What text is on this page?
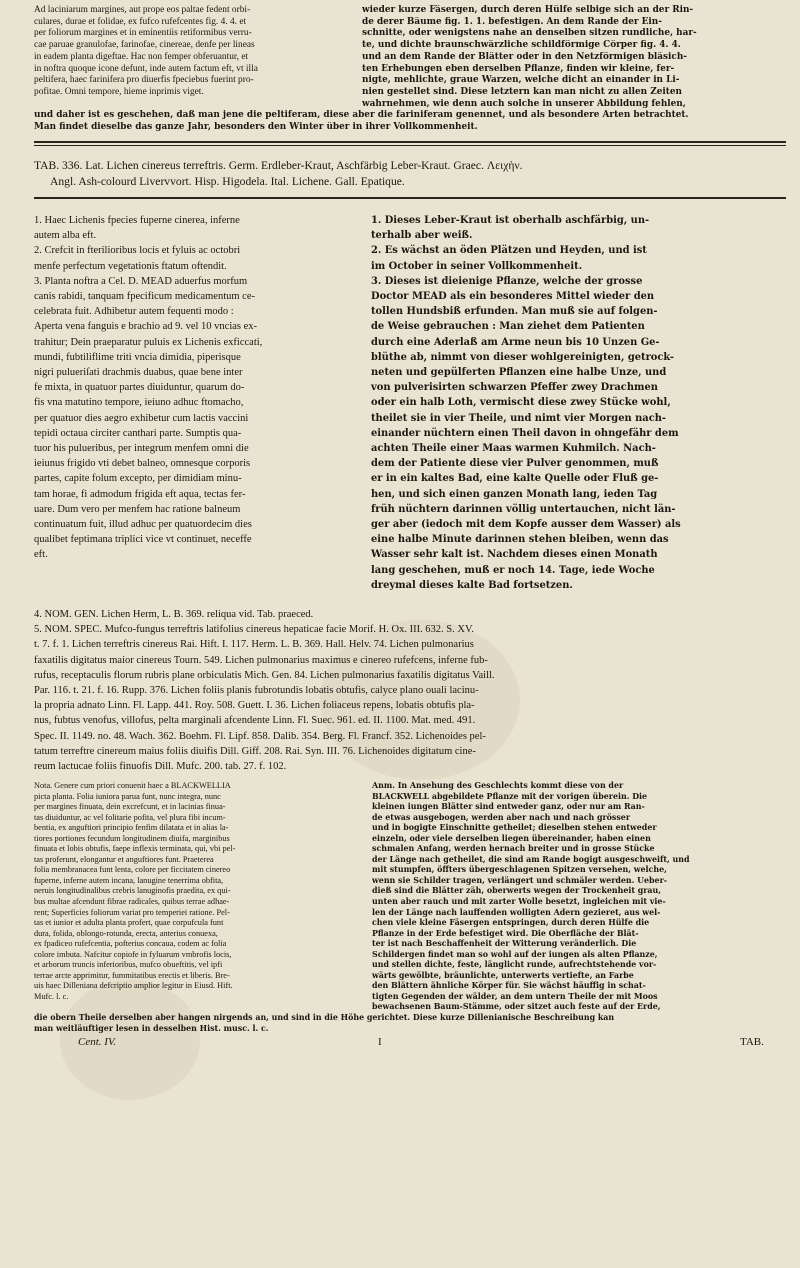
Ad laciniarum margines, aut prope eos paltae fedent orbi-
culares, durae et folidae, ex fufco rufefcentes fig. 4. 4. et
per foliorum margines et in eminentiis retiformibus verru-
cae paruae granulofae, farinofae, cinereae, denfe per lineas
in eadem planta digeftae. Hac non femper obferuantur, et
in noftra quoque icone defunt, inde autem factum eft, vt illa
peltifera, haec farinifera pro diuerfis fpeciebus fuerint pro-
pofitae. Omni tempore, hieme inprimis viget.
wieder kurze Fäsergen, durch deren Hülfe selbige sich an der Rin-
de derer Bäume fig. 1. 1. befestigen. An dem Rande der Ein-
schnitte, oder wenigstens nahe an denselben sitzen rundliche, har-
te, und dichte braunschwärzliche schildförmige Cörper fig. 4. 4.
und an dem Rande der Blätter oder in den Netzförmigen bläsich-
ten Erhebungen eben derselben Pflanze, finden wir kleine, fer-
nigte, mehlichte, graue Warzen, welche dicht an einander in Li-
nien gestellet sind. Diese letztern kan man nicht zu allen Zeiten
wahrnehmen, wie denn auch solche in unserer Abbildung fehlen,
und daher ist es geschehen, daß man jene die peltiferam, diese aber die fariniferam genennet, und als besondere Arten betrachtet.
Man findet dieselbe das ganze Jahr, besonders den Winter über in ihrer Vollkommenheit.
TAB. 336. Lat. Lichen cinereus terreftris. Germ. Erdleber-Kraut, Aschfärbig Leber-Kraut. Graec. Λειχὴν.
Angl. Ash-colourd Livervvort. Hisp. Higodela. Ital. Lichene. Gall. Epatique.
1. Haec Lichenis fpecies fuperne cinerea, inferne
autem alba eft.
2. Crefcit in fterilioribus locis et fyluis ac octobri
menfe perfectum vegetationis ftatum oftendit.
3. Planta noftra a Cel. D. MEAD aduerfus morfum
canis rabidi, tanquam fpecificum medicamentum ce-
celebrata fuit. Adhibetur autem fequenti modo :
Aperta vena fanguis e brachio ad 9. vel 10 vncias ex-
trahitur; Dein praeparatur puluis ex Lichenis exficcati,
mundi, fubtiliflime triti vncia dimidia, piperisque
nigri pulueriſati drachmis duabus, quae bene inter
fe mixta, in quatuor partes diuiduntur, quarum do-
fis vna matutino tempore, ieiuno adhuc ftomacho,
per quatuor dies aegro exhibetur cum lactis vaccini
tepidi octaua circiter canthari parte. Sumptis qua-
tuor his pulueribus, per integrum menfem omni die
ieiunus frigido vti debet balneo, omnesque corporis
partes, capite folum excepto, per dimidiam minu-
tam horae, fi admodum frigida eft aqua, tectas fer-
uare. Dum vero per menfem hac ratione balneum
continuatum fuit, illud adhuc per quatuordecim dies
qualibet feptimana triplici vice vt continuet, neceffe
eft.
1. Dieses Leber-Kraut ist oberhalb aschfärbig, un-
terhalb aber weiß.
2. Es wächst an öden Plätzen und Heyden, und ist
im October in seiner Vollkommenheit.
3. Dieses ist dieienige Pflanze, welche der grosse
Doctor MEAD als ein besonderes Mittel wieder den
tollen Hundsbiß erfunden. Man muß sie auf folgen-
de Weise gebrauchen : Man ziehet dem Patienten
durch eine Aderlaß am Arme neun bis 10 Unzen Ge-
blüthe ab, nimmt von dieser wohlgereinigten, getrock-
neten und gepülferten Pflanzen eine halbe Unze, und
von pulverisirten schwarzen Pfeffer zwey Drachmen
oder ein halb Loth, vermischt diese zwey Stücke wohl,
theilet sie in vier Theile, und nimt vier Morgen nach-
einander nüchtern einen Theil davon in ohngefähr dem
achten Theile einer Maas warmen Kuhmilch. Nach-
dem der Patiente diese vier Pulver genommen, muß
er in ein kaltes Bad, eine kalte Quelle oder Fluß ge-
hen, und sich einen ganzen Monath lang, ieden Tag
früh nüchtern darinnen völlig untertauchen, nicht län-
ger aber (iedoch mit dem Kopfe ausser dem Wasser) als
eine halbe Minute darinnen stehen bleiben, wenn das
Wasser sehr kalt ist. Nachdem dieses einen Monath
lang geschehen, muß er noch 14. Tage, iede Woche
dreymal dieses kalte Bad fortsetzen.
4. NOM. GEN. Lichen Herm, L. B. 369. reliqua vid. Tab. praeced.
5. NOM. SPEC. Mufco-fungus terreftris latifolius cinereus hepaticae facie Morif. H. Ox. III. 632. S. XV.
t. 7. f. 1. Lichen terreftris cinereus Rai. Hift. I. 117. Herm. L. B. 369. Hall. Helv. 74. Lichen pulmonarius
faxatilis digitatus maior cinereus Tourn. 549. Lichen pulmonarius maximus e cinereo rufefcens, inferne fub-
rufus, receptaculis florum rubris plane orbiculatis Mich. Gen. 84. Lichen pulmonarius faxatilis digitatus Vaill.
Par. 116. t. 21. f. 16. Rupp. 376. Lichen foliis planis fubrotundis lobatis obtufis, calyce plano ouali lacinu-
la propria adnato Linn. Fl. Lapp. 441. Roy. 508. Guett. I. 36. Lichen foliaceus repens, lobatis obtufis pla-
nus, fubtus venofus, villofus, pelta marginali afcendente Linn. Fl. Suec. 961. ed. II. 1100. Mat. med. 491.
Spec. II. 1149. no. 48. Wach. 362. Boehm. Fl. Lipf. 858. Dalib. 354. Berg. Fl. Francf. 352. Lichenoides pel-
tatum terreftre cinereum maius foliis diuifis Dill. Giff. 208. Rai. Syn. III. 76. Lichenoides digitatum cine-
reum lactucae foliis finuofis Dill. Mufc. 200. tab. 27. f. 102.
Nota. Genere cum priori conuenit haec a BLACKWELLIA
picta planta. Folia iuniora parua funt, nunc integra, nunc
per margines finuata, dein excrefcunt, et in lacinias finua-
tas diuiduntur, ac vel folitarie pofita, vel plura fibi incum-
bentia, ex anguftiori principio fenfim dilatata et in alias la-
tiores portiones fecundum longitudinem diuifa, marginibus
finuata et lobis obtufis, faepe inflexis terminata, qui, vbi pel-
tas proferunt, elongantur et anguftiores funt. Praeterea
folia membranacea funt lenta, colore per ficcitatem cinereo
fuperne, inferne autem incana, lanugine tenerrima obfita,
neruis longitudinalibus crebris lanuginofis praedita, ex qui-
bus multae afcendunt fibrae radicales, quibus terrae adhae-
rent; Superficies foliorum variat pro temperiei ratione. Pel-
tas et iunior et adulta planta profert, quae corpufcula funt
dura, folida, oblongo-rotunda, erecta, anterius conuexa,
ex fpadiceo rufefcentia, pofterius concaua, codem ac folia
colore imbuta. Nafcitur copiofe in fyluarum vmbrofis locis,
et arborum truncis inferioribus, mufco obueftitis, vel ipfi
terrae arcte apprimitur, fummitatibus erectis et liberis. Bre-
uis haec Dilleniana defcriptio amplior legitur in Eiusd. Hift.
Mufc. l. c.
Anm. In Ansehung des Geschlechts kommt diese von der
BLACKWELL abgebildete Pflanze mit der vorigen überein. Die
kleinen iungen Blätter sind entweder ganz, oder nur am Ran-
de etwas ausgebogen, werden aber nach und nach grösser
und in bogigte Einschnitte getheilet; dieselben stehen entweder
einzeln, oder viele derselben liegen übereinander, haben einen
schmalen Anfang, werden hernach breiter und in grosse Stücke
der Länge nach getheilet, die sind am Rande bogigt ausgeschweift, und
mit stumpfen, öffters übergeschlagenen Spitzen versehen, welche,
wenn sie Schilder tragen, verlängert und schmäler werden. Ueber-
dieß sind die Blätter zäh, oberwerts wegen der Trockenheit grau,
unten aber rauch und mit zarter Wolle besetzt, ingleichen mit vie-
len der Länge nach lauffenden wolligten Adern gezieret, aus wel-
chen viele kleine Fäsergen entspringen, durch deren Hülfe die
Pflanze in der Erde befestiget wird. Die Oberfläche der Blät-
ter ist nach Beschaffenheit der Witterung veränderlich. Die
Schildergen findet man so wohl auf der iungen als alten Pflanze,
und stellen dichte, feste, länglicht runde, aufrechtstehende vor-
wärts gewölbte, bräunlichte, unterwerts vertiefte, an Farbe
den Blättern ähnliche Körper für. Sie wächst häuffig in schat-
tigten Gegenden der wälder, an dem untern Theile der mit Moos
bewachsenen Baum-Stämme, oder sitzet auch feste auf der Erde,
die obern Theile derselben aber hangen nirgends an, und sind in die Höhe gerichtet. Diese kurze Dillenianische Beschreibung kan
man weitläuftiger lesen in desselben Hist. musc. l. c.
Cent. IV.	I	TAB.
